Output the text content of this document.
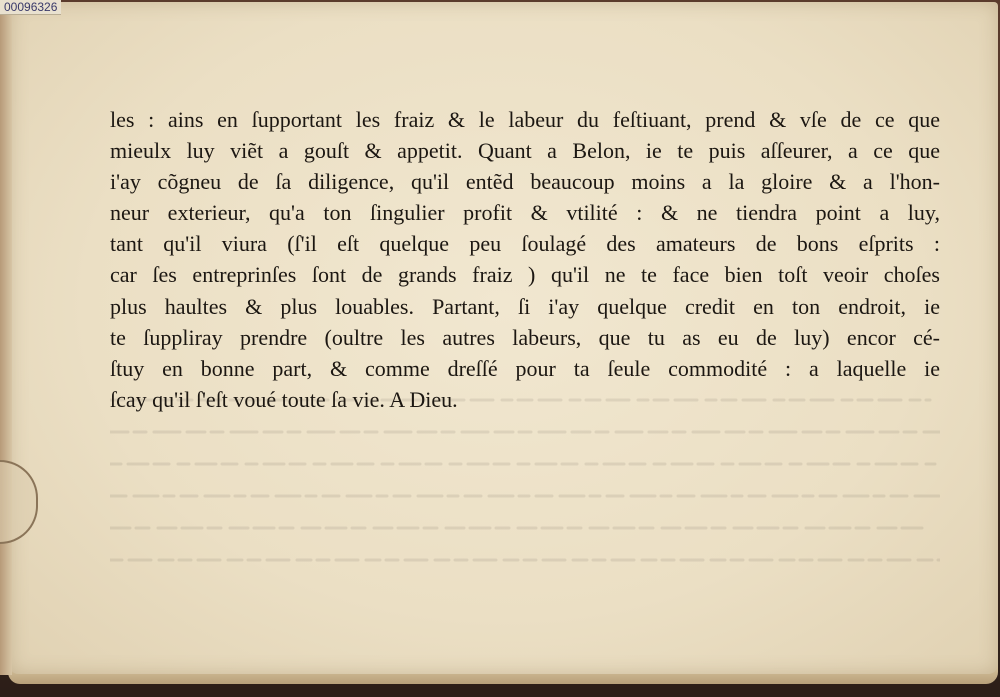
00096326
les : ains en ſupportant les fraiz & le labeur du feſtiuant, prend & vſe de ce que
mieulx luy viẽt a gouſt & appetit. Quant a Belon, ie te puis aſſeurer, a ce que
i'ay cõgneu de ſa diligence, qu'il entẽd beaucoup moins a la gloire & a l'hon-
neur exterieur, qu'a ton ſingulier profit & vtilité : & ne tiendra point a luy,
tant qu'il viura (ſ'il eſt quelque peu ſoulagé des amateurs de bons eſprits :
car ſes entreprinſes ſont de grands fraiz ) qu'il ne te face bien toſt veoir choſes
plus haultes & plus louables. Partant, ſi i'ay quelque credit en ton endroit, ie
te ſuppliray prendre (oultre les autres labeurs, que tu as eu de luy) encor cé-
ſtuy en bonne part, & comme dreſſé pour ta ſeule commodité : a laquelle ie
ſcay qu'il ſ'eſt voué toute ſa vie. A Dieu.
